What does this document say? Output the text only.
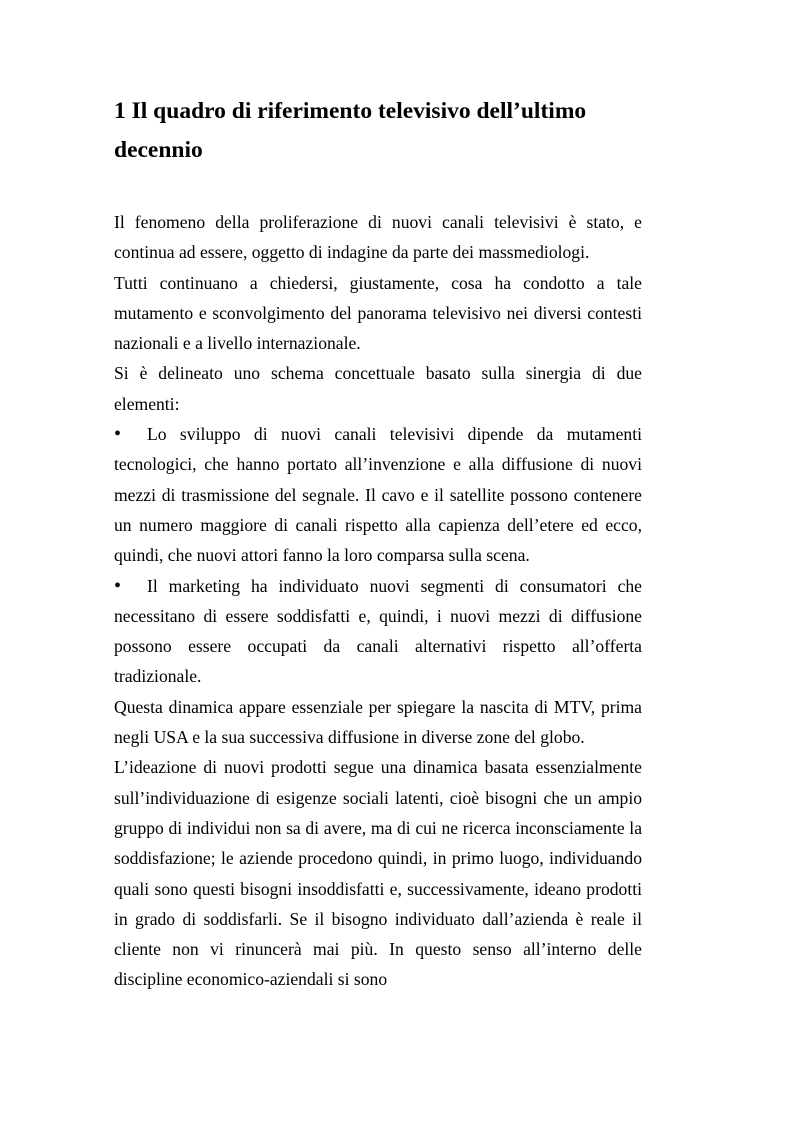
1 Il quadro di riferimento televisivo dell’ultimo decennio

Il fenomeno della proliferazione di nuovi canali televisivi è stato, e continua ad essere, oggetto di indagine da parte dei massmediologi.

Tutti continuano a chiedersi, giustamente, cosa ha condotto a tale mutamento e sconvolgimento del panorama televisivo nei diversi contesti nazionali e a livello internazionale.

Si è delineato uno schema concettuale basato sulla sinergia di due elementi:

•Lo sviluppo di nuovi canali televisivi dipende da mutamenti tecnologici, che hanno portato all’invenzione e alla diffusione di nuovi mezzi di trasmissione del segnale. Il cavo e il satellite possono contenere un numero maggiore di canali rispetto alla capienza dell’etere ed ecco, quindi, che nuovi attori fanno la loro comparsa sulla scena.
•Il marketing ha individuato nuovi segmenti di consumatori che necessitano di essere soddisfatti e, quindi, i nuovi mezzi di diffusione possono essere occupati da canali alternativi rispetto all’offerta tradizionale.

Questa dinamica appare essenziale per spiegare la nascita di MTV, prima negli USA e la sua successiva diffusione in diverse zone del globo.

L’ideazione di nuovi prodotti segue una dinamica basata essenzialmente sull’individuazione di esigenze sociali latenti, cioè bisogni che un ampio gruppo di individui non sa di avere, ma di cui ne ricerca inconsciamente la soddisfazione; le aziende procedono quindi, in primo luogo, individuando quali sono questi bisogni insoddisfatti e, successivamente, ideano prodotti in grado di soddisfarli. Se il bisogno individuato dall’azienda è reale il cliente non vi rinuncerà mai più. In questo senso all’interno delle discipline economico-aziendali si sono
